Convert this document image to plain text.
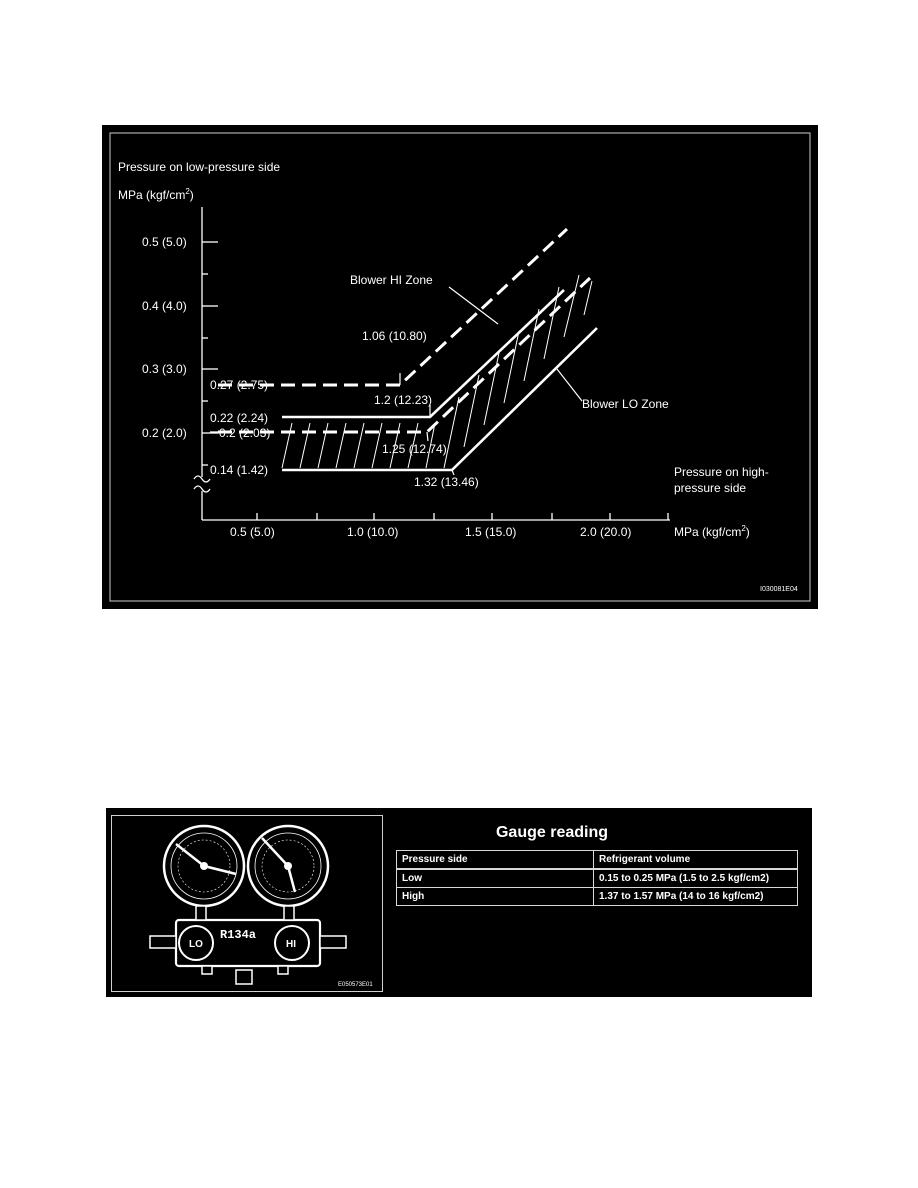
Pressure on low-pressure side
MPa $(kgf/cm^2)$
0.5 (5.0)
0.4 (4.0)
0.3 (3.0)
0.2 (2.0)
0.5 (5.0)	1.0 (10.0)	1.5 (15.0)	2.0 (20.0)	MPa $(kgf/cm^2)$
Pressure on high-
pressure side
0.27 (2.75)
0.22 (2.24)
0.2 (2.03)
0.14 (1.42)
1.06 (10.80)
1.2 (12.23)
1.25 (12.74)
1.32 (13.46)
Blower HI Zone
Blower LO Zone
I030081E04
LO	HI
R134a
E050573E01
Gauge reading
Pressure side	Refrigerant volume
Low	0.15 to 0.25 MPa (1.5 to 2.5 kgf/cm2)
High	1.37 to 1.57 MPa (14 to 16 kgf/cm2)
